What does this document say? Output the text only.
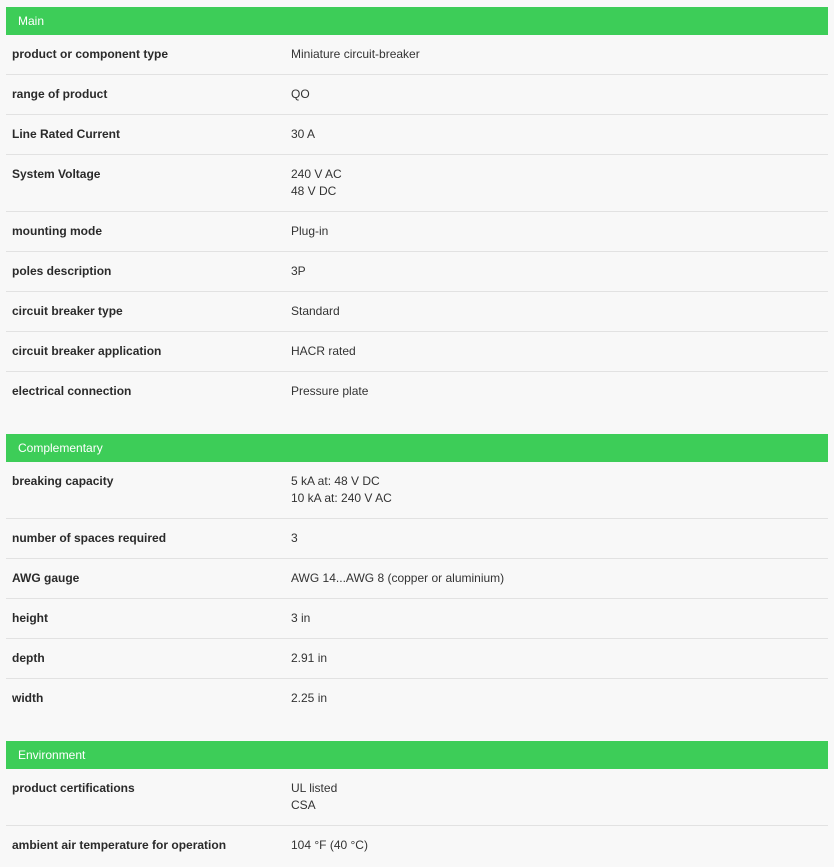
Main
product or component type	Miniature circuit-breaker
range of product	QO
Line Rated Current	30 A
System Voltage	240 V AC
48 V DC
mounting mode	Plug-in
poles description	3P
circuit breaker type	Standard
circuit breaker application	HACR rated
electrical connection	Pressure plate
Complementary
breaking capacity	5 kA at: 48 V DC
10 kA at: 240 V AC
number of spaces required	3
AWG gauge	AWG 14...AWG 8 (copper or aluminium)
height	3 in
depth	2.91 in
width	2.25 in
Environment
product certifications	UL listed
CSA
ambient air temperature for operation	104 °F (40 °C)
